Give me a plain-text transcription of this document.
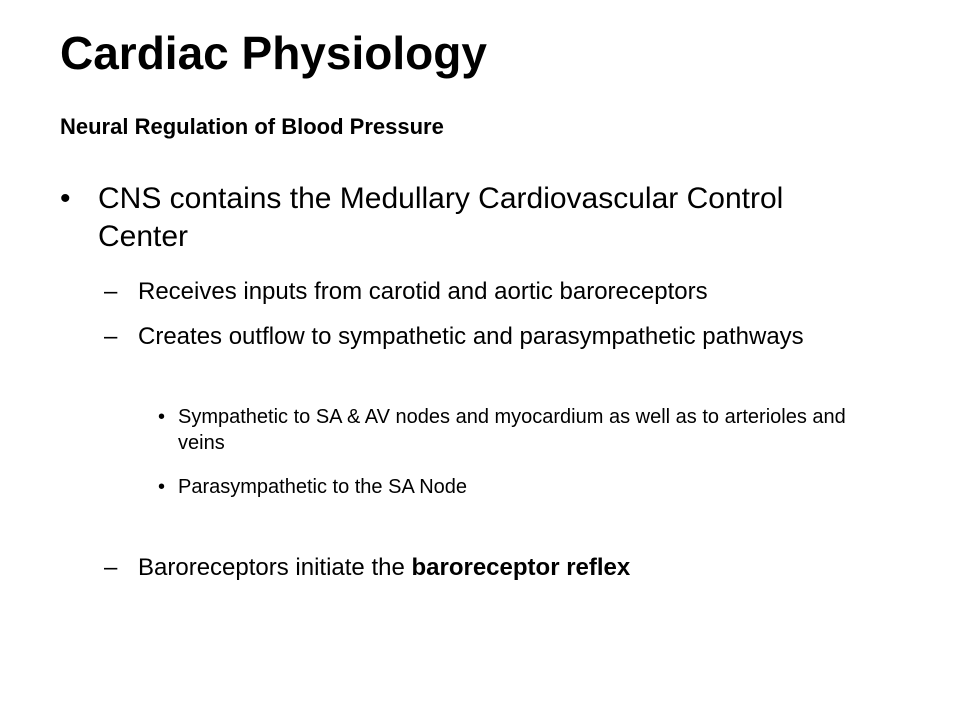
Cardiac Physiology
Neural Regulation of Blood Pressure
• CNS contains the Medullary Cardiovascular Control Center
– Receives inputs from carotid and aortic baroreceptors
– Creates outflow to sympathetic and parasympathetic pathways
• Sympathetic to SA & AV nodes and myocardium as well as to arterioles and veins
• Parasympathetic to the SA Node
– Baroreceptors initiate the baroreceptor reflex
